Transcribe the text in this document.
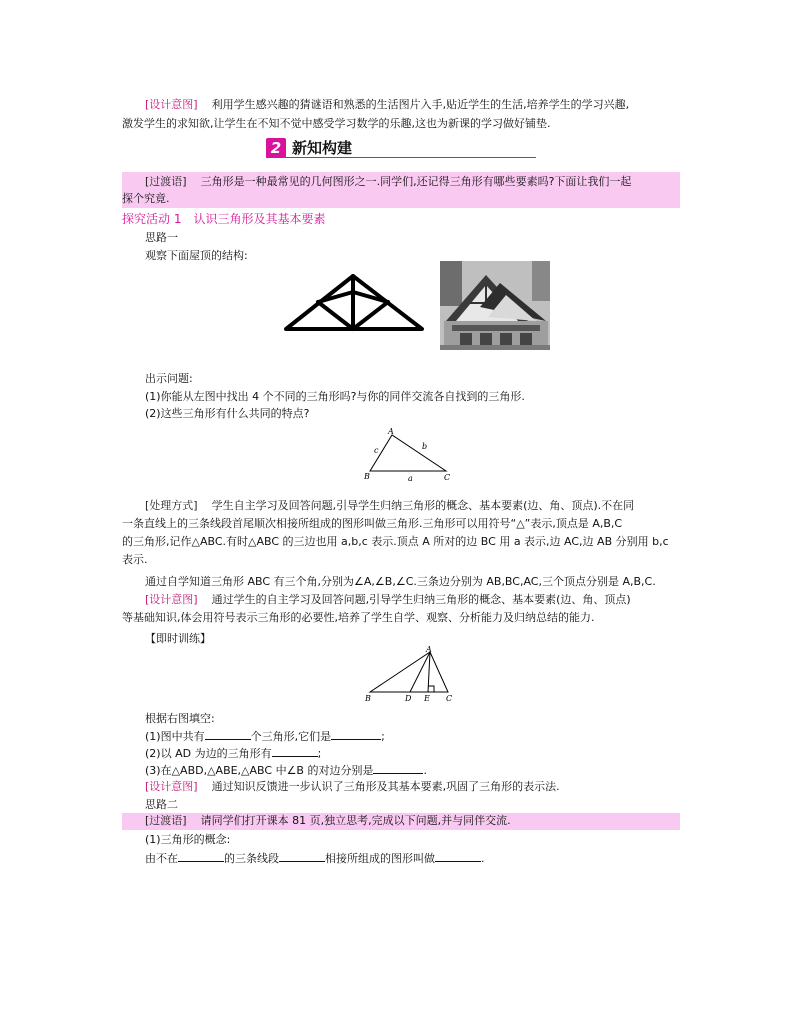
[设计意图] 利用学生感兴趣的猜谜语和熟悉的生活图片入手,贴近学生的生活,培养学生的学习兴趣,
激发学生的求知欲,让学生在不知不觉中感受学习数学的乐趣,这也为新课的学习做好铺垫.
2 新知构建
[过渡语] 三角形是一种最常见的几何图形之一.同学们,还记得三角形有哪些要素吗?下面让我们一起
探个究竟.
探究活动 1　认识三角形及其基本要素
思路一
观察下面屋顶的结构:
出示问题:
(1)你能从左图中找出 4 个不同的三角形吗?与你的同伴交流各自找到的三角形.
(2)这些三角形有什么共同的特点?
A
B	C
b
c
a
[处理方式] 学生自主学习及回答问题,引导学生归纳三角形的概念、基本要素(边、角、顶点).不在同
一条直线上的三条线段首尾顺次相接所组成的图形叫做三角形.三角形可以用符号“△”表示,顶点是 A,B,C
的三角形,记作△ABC.有时△ABC 的三边也用 a,b,c 表示.顶点 A 所对的边 BC 用 a 表示,边 AC,边 AB 分别用 b,c
表示.
通过自学知道三角形 ABC 有三个角,分别为∠A,∠B,∠C.三条边分别为 AB,BC,AC,三个顶点分别是 A,B,C.
[设计意图] 通过学生的自主学习及回答问题,引导学生归纳三角形的概念、基本要素(边、角、顶点)
等基础知识,体会用符号表示三角形的必要性,培养了学生自学、观察、分析能力及归纳总结的能力.
【即时训练】
A
B	D E C
根据右图填空:
(1)图中共有	个三角形,它们是	;
(2)以 AD 为边的三角形有	;
(3)在△ABD,△ABE,△ABC 中∠B 的对边分别是	.
[设计意图] 通过知识反馈进一步认识了三角形及其基本要素,巩固了三角形的表示法.
思路二
[过渡语] 请同学们打开课本 81 页,独立思考,完成以下问题,并与同伴交流.
(1)三角形的概念:
由不在	的三条线段	相接所组成的图形叫做	.
